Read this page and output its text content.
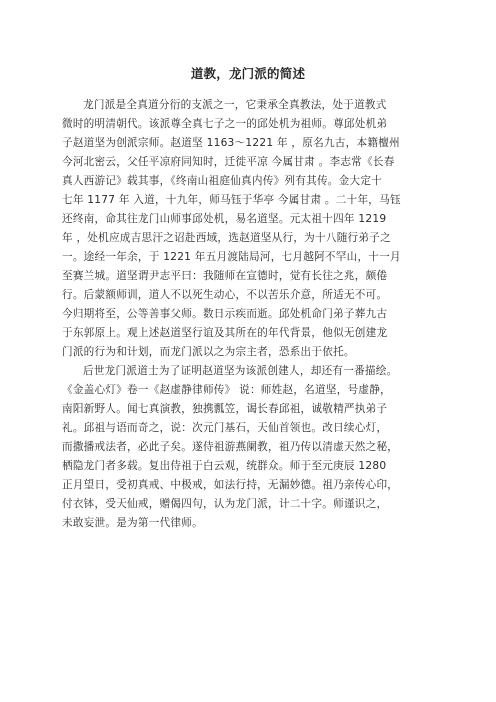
道教，龙门派的简述
龙门派是全真道分衍的支派之一，它秉承全真教法，处于道教式
微时的明清朝代。该派尊全真七子之一的邱处机为祖师。尊邱处机弟
子赵道坚为创派宗师。赵道坚 1163～1221 年 ，原名九古，本籍檀州
今河北密云，父任平凉府同知时，迁徙平凉 今属甘肃 。李志常《长春
真人西游记》载其事，《终南山祖庭仙真内传》列有其传。金大定十
七年 1177 年 入道，十九年，师马钰于华亭 今属甘肃 。二十年，马钰
还终南，命其往龙门山师事邱处机，易名道坚。元太祖十四年 1219
年 ，处机应成吉思汗之诏赴西域，选赵道坚从行，为十八随行弟子之
一。途经一年余，于 1221 年五月渡陆局河，七月越阿不罕山，十一月
至赛兰城。道坚谓尹志平曰：我随师在宣德时，觉有长往之兆，颇倦
行。后蒙额师训，道人不以死生动心，不以苦乐介意，所适无不可。
今归期将至，公等善事父师。数日示疾而逝。邱处机命门弟子葬九古
于东郭原上。观上述赵道坚行谊及其所在的年代背景，他似无创建龙
门派的行为和计划，而龙门派以之为宗主者，恐系出于依托。
后世龙门派道士为了证明赵道坚为该派创建人，却还有一番描绘。
《金盖心灯》卷一《赵虚静律师传》 说：师姓赵，名道坚，号虚静，
南阳新野人。闻七真演教，独携瓢笠，谒长春邱祖，诚敬精严执弟子
礼。邱祖与语而奇之，说：次元门基石，天仙首领也。改日续心灯，
而撒播戒法者，必此子矣。遂侍祖游燕阑教，祖乃传以清虚天然之秘，
栖隐龙门者多载。复出侍祖于白云观，统群众。师于至元庚辰 1280
正月望日，受初真戒、中极戒，如法行持，无漏妙德。祖乃亲传心印，
付衣钵，受天仙戒，赠偈四句，认为龙门派，计二十字。师谨识之，
未敢妄泄。是为第一代律师。
